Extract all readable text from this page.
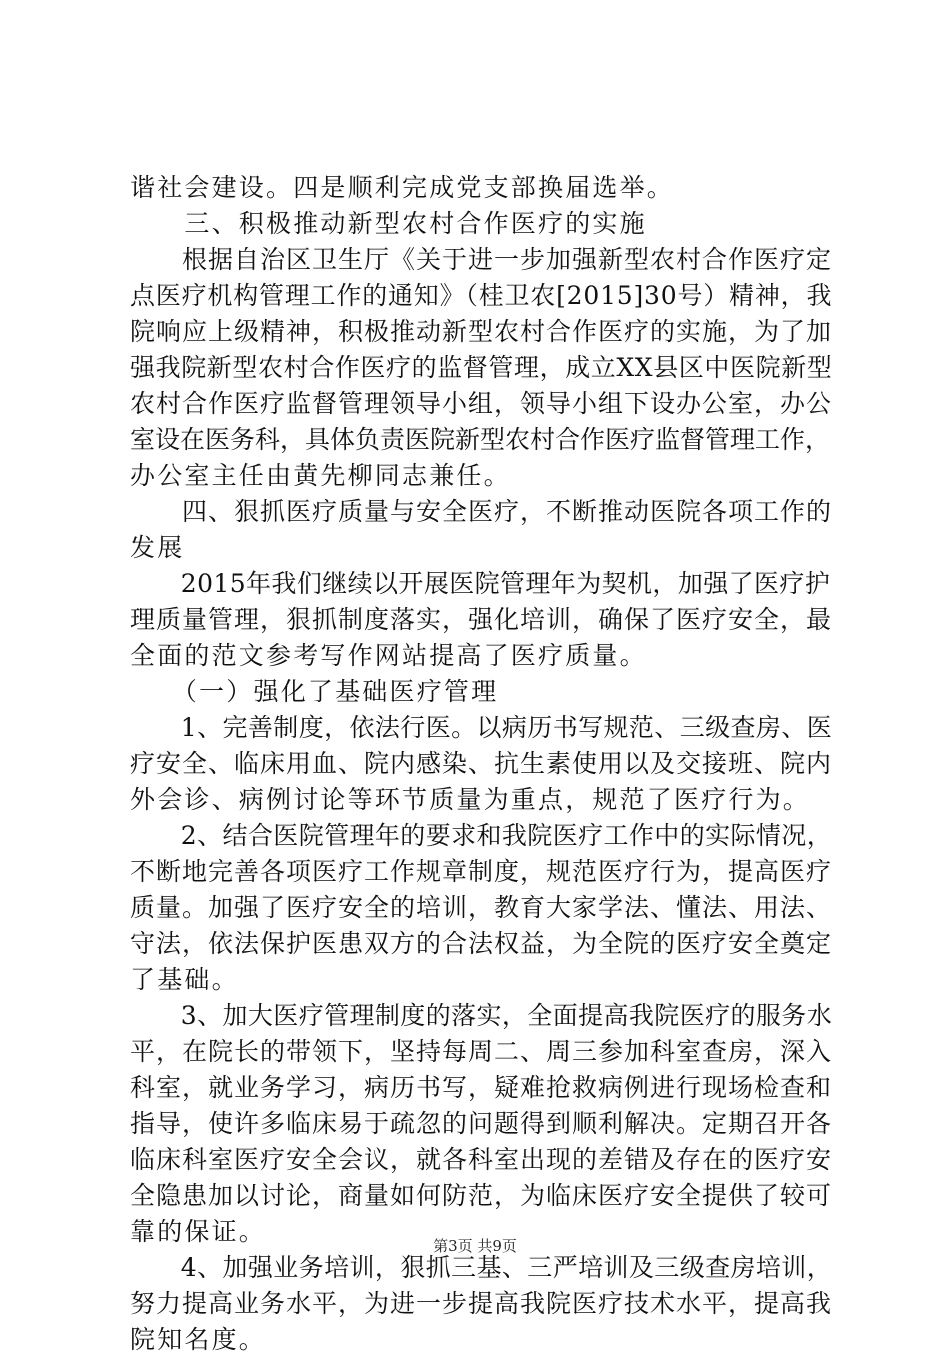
谐社会建设。四是顺利完成党支部换届选举。
　　三、积极推动新型农村合作医疗的实施
　　根据自治区卫生厅《关于进一步加强新型农村合作医疗定
点医疗机构管理工作的通知》（桂卫农[2015]30号）精神，我
院响应上级精神，积极推动新型农村合作医疗的实施，为了加
强我院新型农村合作医疗的监督管理，成立XX县区中医院新型
农村合作医疗监督管理领导小组，领导小组下设办公室，办公
室设在医务科，具体负责医院新型农村合作医疗监督管理工作，
办公室主任由黄先柳同志兼任。
　　四、狠抓医疗质量与安全医疗，不断推动医院各项工作的
发展
　　2015年我们继续以开展医院管理年为契机，加强了医疗护
理质量管理，狠抓制度落实，强化培训，确保了医疗安全，最
全面的范文参考写作网站提高了医疗质量。
　　（一）强化了基础医疗管理
　　1、完善制度，依法行医。以病历书写规范、三级查房、医
疗安全、临床用血、院内感染、抗生素使用以及交接班、院内
外会诊、病例讨论等环节质量为重点，规范了医疗行为。
　　2、结合医院管理年的要求和我院医疗工作中的实际情况，
不断地完善各项医疗工作规章制度，规范医疗行为，提高医疗
质量。加强了医疗安全的培训，教育大家学法、懂法、用法、
守法，依法保护医患双方的合法权益，为全院的医疗安全奠定
了基础。
　　3、加大医疗管理制度的落实，全面提高我院医疗的服务水
平，在院长的带领下，坚持每周二、周三参加科室查房，深入
科室，就业务学习，病历书写，疑难抢救病例进行现场检查和
指导，使许多临床易于疏忽的问题得到顺利解决。定期召开各
临床科室医疗安全会议，就各科室出现的差错及存在的医疗安
全隐患加以讨论，商量如何防范，为临床医疗安全提供了较可
靠的保证。
　　4、加强业务培训，狠抓三基、三严培训及三级查房培训，
努力提高业务水平，为进一步提高我院医疗技术水平，提高我
院知名度。
第3页 共9页
